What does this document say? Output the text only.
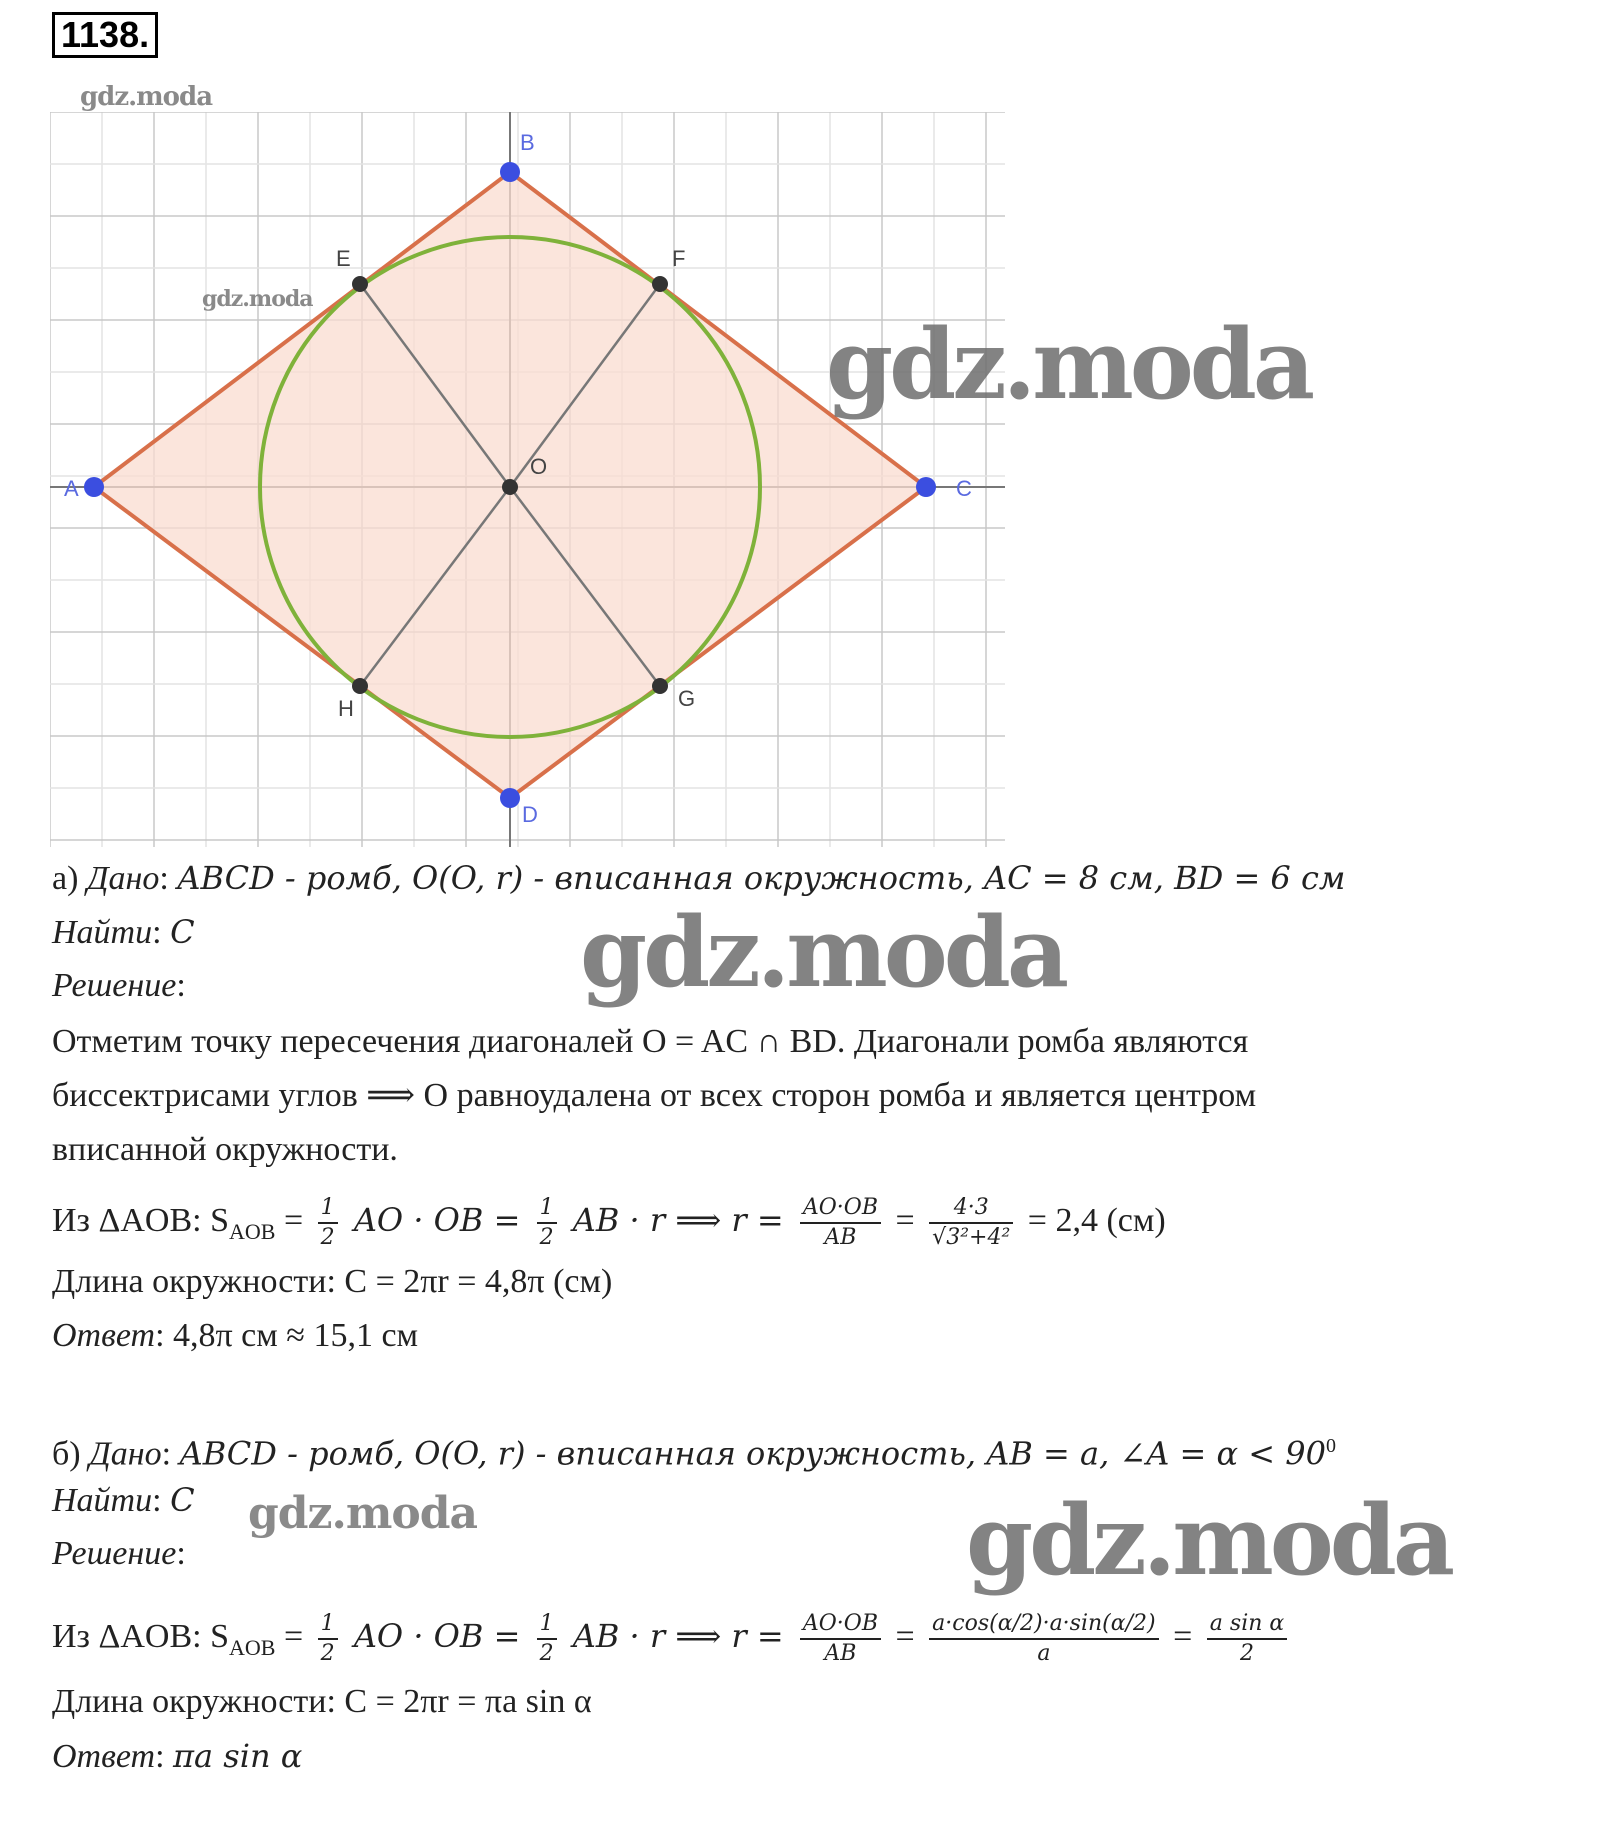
1138.
gdz.moda
A
B
C
D
O
E	F
G
H
gdz.moda
gdz.moda
а) Дано: ABCD - ромб, O(O, r) - вписанная окружность, AC = 8 см, BD = 6 см
Найти: C	gdz.moda
Решение:
Отметим точку пересечения диагоналей O = AC ∩ BD. Диагонали ромба являются
биссектрисами углов ⟹ O равноудалена от всех сторон ромба и является центром
вписанной окружности.
Из ΔAOB: $S_{AOB} = \frac{1}{2}$ AO · OB = $\frac{1}{2}$ AB · r ⟹ $r = \frac{AO\cdot OB}{AB} = \frac{4\cdot 3}{\text{√3²+4²}} = 2,4$ (см)
Длина окружности: C = 2πr = 4,8π (см)
Ответ: 4,8π см ≈ 15,1 см
б) Дано: ABCD - ромб, O(O, r) - вписанная окружность, AB = a, ∠A = $\alpha < 90^0$
Найти: C gdz.moda	gdz.moda
Решение:
Из ΔAOB: $S_{AOB} = \frac{1}{2}$ AO · OB = $\frac{1}{2}$ AB · r ⟹ $r = \frac{AO\cdot OB}{AB} = \frac{a\cdot\cos(\alpha/2)\cdot a\cdot\sin(\alpha/2)}{a} = \frac{\text{a sin α}}{2}$
Длина окружности: C = 2πr = πa sin α
Ответ: πa sin α
